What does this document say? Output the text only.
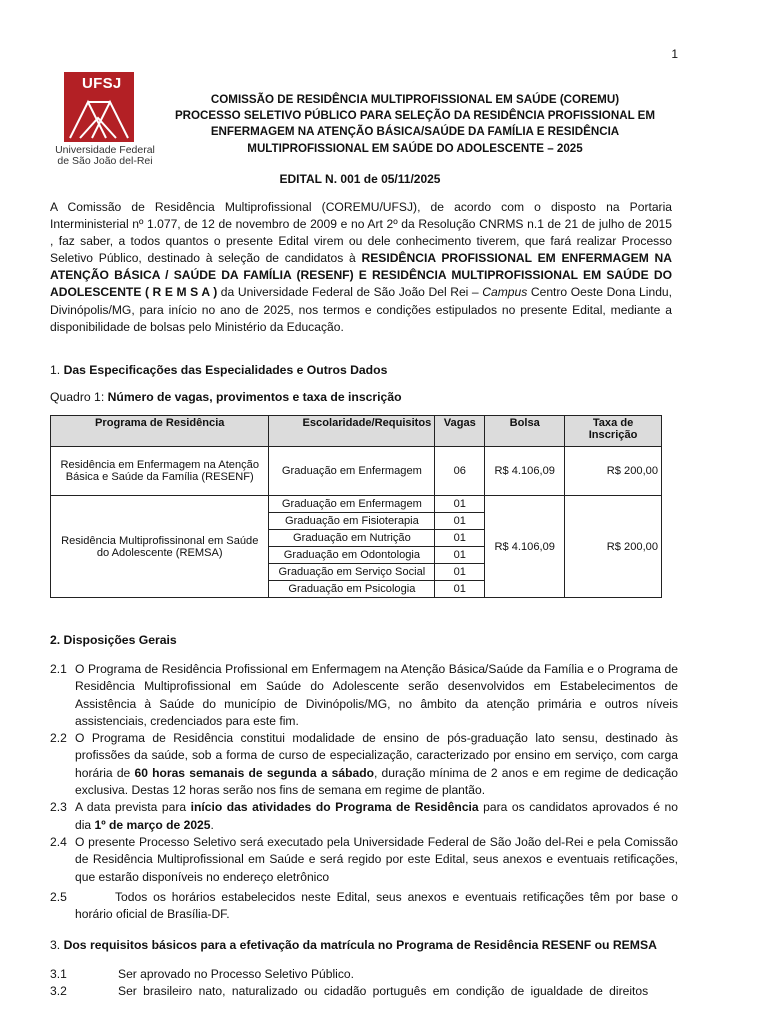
1
UFSJ
Universidade Federal
de São João del-Rei
COMISSÃO DE RESIDÊNCIA MULTIPROFISSIONAL EM SAÚDE (COREMU)
PROCESSO SELETIVO PÚBLICO PARA SELEÇÃO DA RESIDÊNCIA PROFISSIONAL EM
ENFERMAGEM NA ATENÇÃO BÁSICA/SAÚDE DA FAMÍLIA E RESIDÊNCIA
MULTIPROFISSIONAL EM SAÚDE DO ADOLESCENTE – 2025
EDITAL N. 001 de 05/11/2025
A Comissão de Residência Multiprofissional (COREMU/UFSJ), de acordo com o disposto na Portaria Interministerial nº 1.077, de 12 de novembro de 2009 e no Art 2º da Resolução CNRMS n.1 de 21 de julho de 2015 , faz saber, a todos quantos o presente Edital virem ou dele conhecimento tiverem, que fará realizar Processo Seletivo Público, destinado à seleção de candidatos à RESIDÊNCIA PROFISSIONAL EM ENFERMAGEM NA ATENÇÃO BÁSICA / SAÚDE DA FAMÍLIA (RESENF) E RESIDÊNCIA MULTIPROFISSIONAL EM SAÚDE DO ADOLESCENTE ( R E M S A ) da Universidade Federal de São João Del Rei – Campus Centro Oeste Dona Lindu, Divinópolis/MG, para início no ano de 2025, nos termos e condições estipulados no presente Edital, mediante a disponibilidade de bolsas pelo Ministério da Educação.
1. Das Especificações das Especialidades e Outros Dados
Quadro 1: Número de vagas, provimentos e taxa de inscrição
Programa de Residência	Escolaridade/Requisitos	Vagas	Bolsa	Taxa de Inscrição
Residência em Enfermagem na Atenção Básica e Saúde da Família (RESENF)	Graduação em Enfermagem	06	R$ 4.106,09	R$ 200,00
Residência Multiprofissinonal em Saúde do Adolescente (REMSA)	Graduação em Enfermagem	01	R$ 4.106,09	R$ 200,00
	Graduação em Fisioterapia	01		
	Graduação em Nutrição	01		
	Graduação em Odontologia	01		
	Graduação em Serviço Social	01		
	Graduação em Psicologia	01		
2. Disposições Gerais
2.1 O Programa de Residência Profissional em Enfermagem na Atenção Básica/Saúde da Família e o Programa de Residência Multiprofissional em Saúde do Adolescente serão desenvolvidos em Estabelecimentos de Assistência à Saúde do município de Divinópolis/MG, no âmbito da atenção primária e outros níveis assistenciais, credenciados para este fim.
2.2 O Programa de Residência constitui modalidade de ensino de pós-graduação lato sensu, destinado às profissões da saúde, sob a forma de curso de especialização, caracterizado por ensino em serviço, com carga horária de 60 horas semanais de segunda a sábado, duração mínima de 2 anos e em regime de dedicação exclusiva. Destas 12 horas serão nos fins de semana em regime de plantão.
2.3 A data prevista para início das atividades do Programa de Residência para os candidatos aprovados é no dia 1º de março de 2025.
2.4 O presente Processo Seletivo será executado pela Universidade Federal de São João del-Rei e pela Comissão de Residência Multiprofissional em Saúde e será regido por este Edital, seus anexos e eventuais retificações, que estarão disponíveis no endereço eletrônico
2.5	Todos os horários estabelecidos neste Edital, seus anexos e eventuais retificações têm por base o horário oficial de Brasília-DF.
3. Dos requisitos básicos para a efetivação da matrícula no Programa de Residência RESENF ou REMSA
3.1	Ser aprovado no Processo Seletivo Público.
3.2	Ser brasileiro nato, naturalizado ou cidadão português em condição de igualdade de direitos
